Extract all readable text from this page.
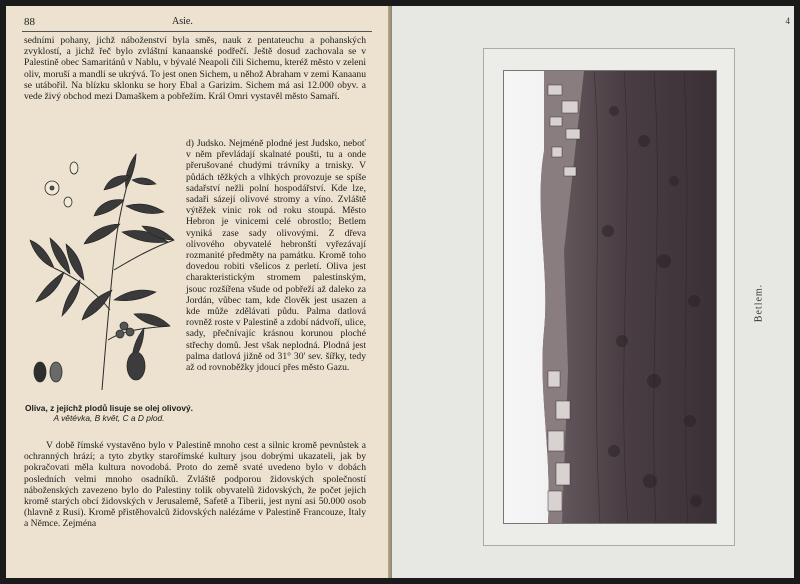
88	Asie.

sedními pohany, jichž náboženství byla směs, nauk z pentateuchu a pohanských zvyklostí, a jichž řeč bylo zvláštní kanaanské podřečí. Ještě dosud zachovala se v Palestině obec Samaritánů v Nablu, v bývalé Neapoli čili Sichemu, kteréž město v zeleni oliv, moruší a mandlí se ukrývá. To jest onen Sichem, u něhož Abraham v zemi Kanaanu se utábořil. Na blízku sklonku se hory Ebal a Garizim. Sichem má asi 12.000 obyv. a vede živý obchod mezi Damaškem a pobřežím. Král Omri vystavěl město Samaří.

d) Judsko. Nejméně plodné jest Judsko, neboť v něm převládají skalnaté poušti, tu a onde přerušované chudými trávníky a trnisky. V půdách těžkých a vlhkých provozuje se spíše sadařství nežli polní hospodářství. Kde lze, sadaři sázejí olivové stromy a víno. Zvláště výtěžek vinic rok od roku stoupá. Město Hebron je vinicemi celé obrostlo; Betlem vyniká zase sady olivovými. Z dřeva olivového obyvatelé hebronští vyřezávají rozmanité předměty na památku. Kromě toho dovedou robiti všelicos z perletí. Oliva jest charakteristickým stromem palestinským, jsouc rozšířena všude od pobřeží až daleko za Jordán, vůbec tam, kde člověk jest usazen a kde může zdělávati půdu. Palma datlová rovněž roste v Palestině a zdobí nádvoří, ulice, sady, přečnívajíc krásnou korunou ploché střechy domů. Jest však neplodná. Plodná jest palma datlová jižně od 31° 30' sev. šířky, tedy až od rovnoběžky jdoucí přes město Gazu.

Oliva, z jejíchž plodů lisuje se olej olivový.
A větévka, B květ, C a D plod.

V době římské vystavěno bylo v Palestině mnoho cest a silnic kromě pevnůstek a ochranných hrází; a tyto zbytky starořímské kultury jsou dobrými ukazateli, jak by pokračovati měla kultura novodobá. Proto do země svaté uvedeno bylo v dobách posledních velmi mnoho osadníků. Zvláště podporou židovských společností náboženských zavezeno bylo do Palestiny tolik obyvatelů židovských, že počet jejich kromě starých obcí židovských v Jerusalemě, Safetě a Tiberii, jest nyní asi 50.000 osob (hlavně z Rusi). Kromě přistěhovalců židovských nalézáme v Palestině Francouze, Italy a Němce. Zejména

4
Betlem.
